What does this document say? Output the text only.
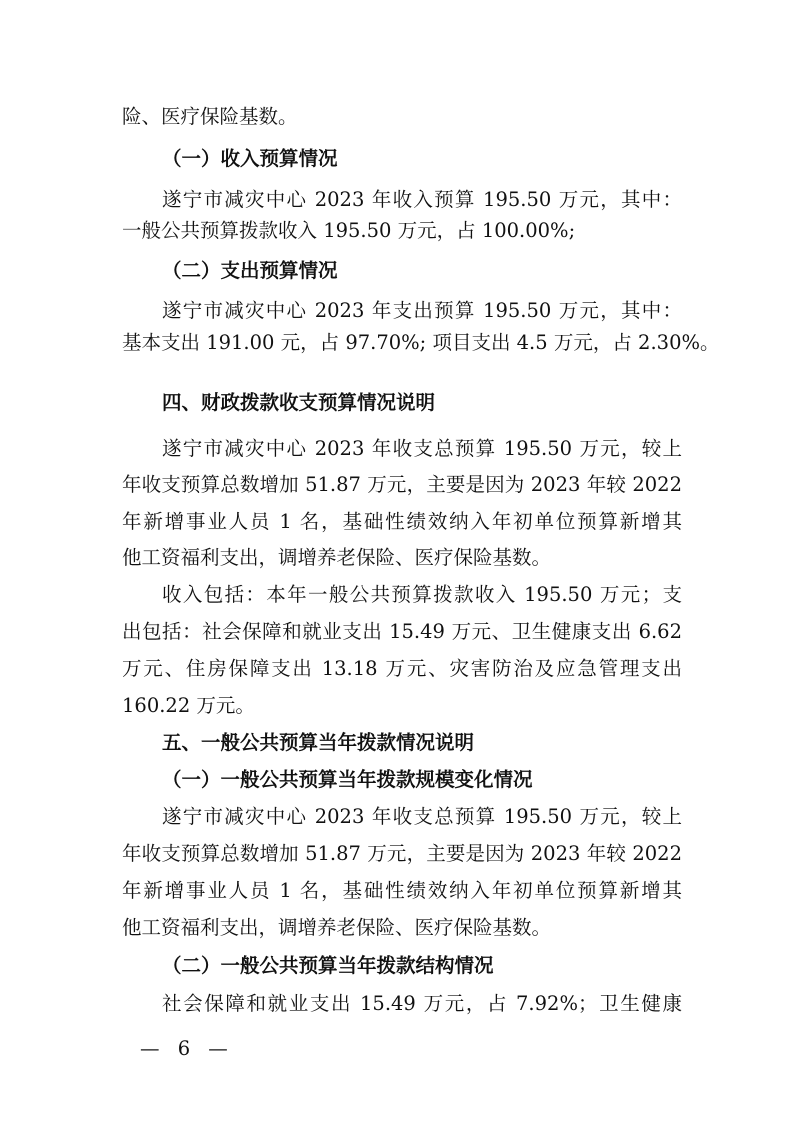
险、医疗保险基数。
（一）收入预算情况
遂宁市减灾中心 2023 年收入预算 195.50 万元，其中：
一般公共预算拨款收入 195.50 万元，占 100.00%;
（二）支出预算情况
遂宁市减灾中心 2023 年支出预算 195.50 万元，其中：
基本支出 191.00 元，占 97.70%; 项目支出 4.5 万元，占 2.30%。
四、财政拨款收支预算情况说明
遂宁市减灾中心 2023 年收支总预算 195.50 万元，较上
年收支预算总数增加 51.87 万元，主要是因为 2023 年较 2022
年新增事业人员 1 名，基础性绩效纳入年初单位预算新增其
他工资福利支出，调增养老保险、医疗保险基数。
收入包括：本年一般公共预算拨款收入 195.50 万元；支
出包括：社会保障和就业支出 15.49 万元、卫生健康支出 6.62
万元、住房保障支出 13.18 万元、灾害防治及应急管理支出
160.22 万元。
五、一般公共预算当年拨款情况说明
（一）一般公共预算当年拨款规模变化情况
遂宁市减灾中心 2023 年收支总预算 195.50 万元，较上
年收支预算总数增加 51.87 万元，主要是因为 2023 年较 2022
年新增事业人员 1 名，基础性绩效纳入年初单位预算新增其
他工资福利支出，调增养老保险、医疗保险基数。
（二）一般公共预算当年拨款结构情况
社会保障和就业支出 15.49 万元，占 7.92%；卫生健康
— 6 —
